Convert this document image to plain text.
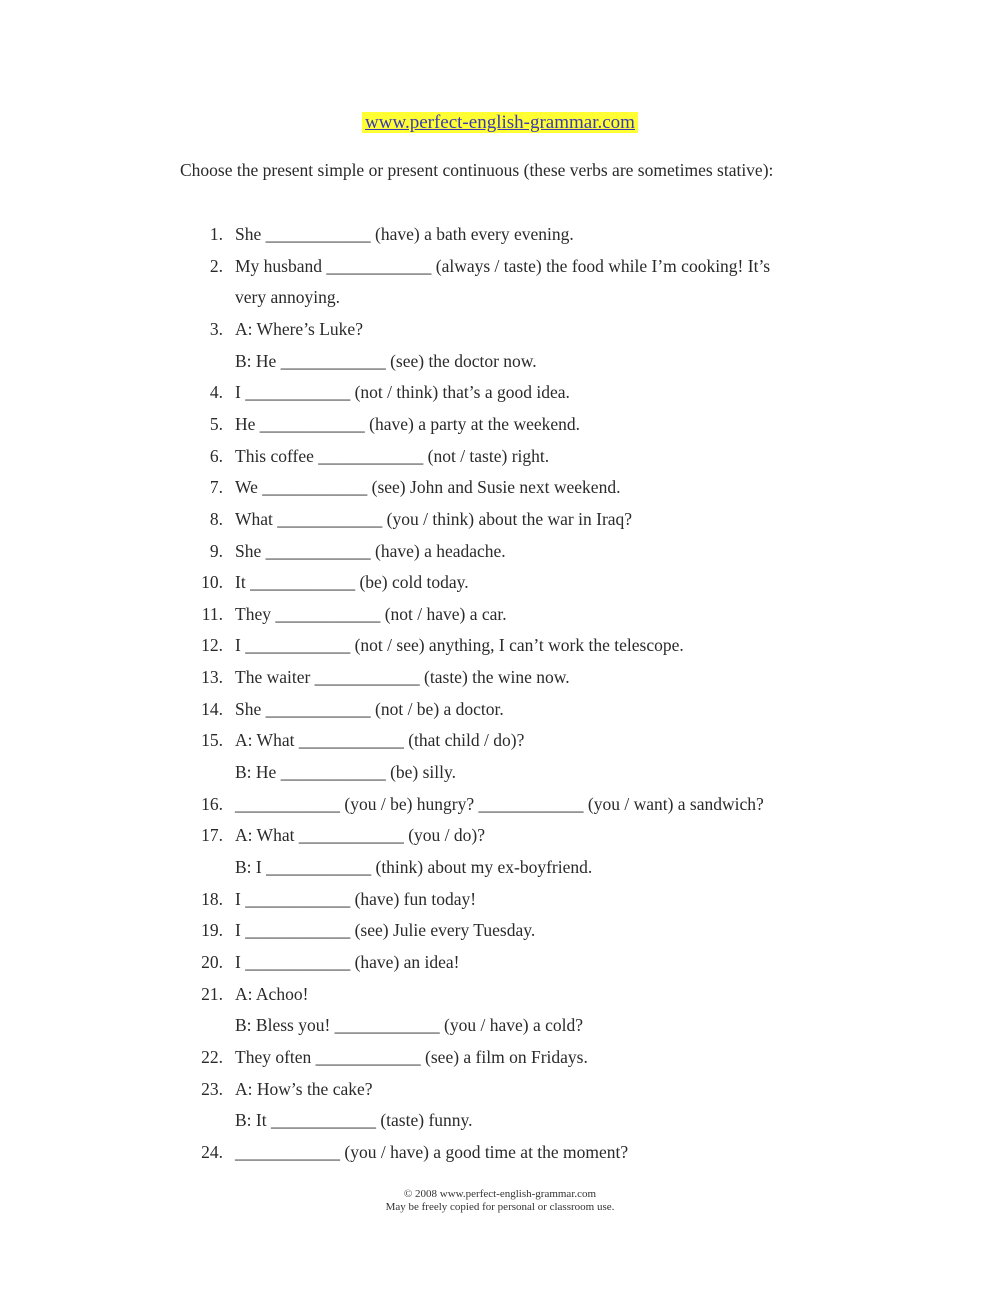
www.perfect-english-grammar.com
Choose the present simple or present continuous (these verbs are sometimes stative):
1. She ____________ (have) a bath every evening.
2. My husband ____________ (always / taste) the food while I’m cooking! It’s
very annoying.
3. A: Where’s Luke?
B: He ____________ (see) the doctor now.
4. I ____________ (not / think) that’s a good idea.
5. He ____________ (have) a party at the weekend.
6. This coffee ____________ (not / taste) right.
7. We ____________ (see) John and Susie next weekend.
8. What ____________ (you / think) about the war in Iraq?
9. She ____________ (have) a headache.
10. It ____________ (be) cold today.
11. They ____________ (not / have) a car.
12. I ____________ (not / see) anything, I can’t work the telescope.
13. The waiter ____________ (taste) the wine now.
14. She ____________ (not / be) a doctor.
15. A: What ____________ (that child / do)?
B: He ____________ (be) silly.
16. ____________ (you / be) hungry? ____________ (you / want) a sandwich?
17. A: What ____________ (you / do)?
B: I ____________ (think) about my ex-boyfriend.
18. I ____________ (have) fun today!
19. I ____________ (see) Julie every Tuesday.
20. I ____________ (have) an idea!
21. A: Achoo!
B: Bless you! ____________ (you / have) a cold?
22. They often ____________ (see) a film on Fridays.
23. A: How’s the cake?
B: It ____________ (taste) funny.
24. ____________ (you / have) a good time at the moment?
© 2008 www.perfect-english-grammar.com
May be freely copied for personal or classroom use.
